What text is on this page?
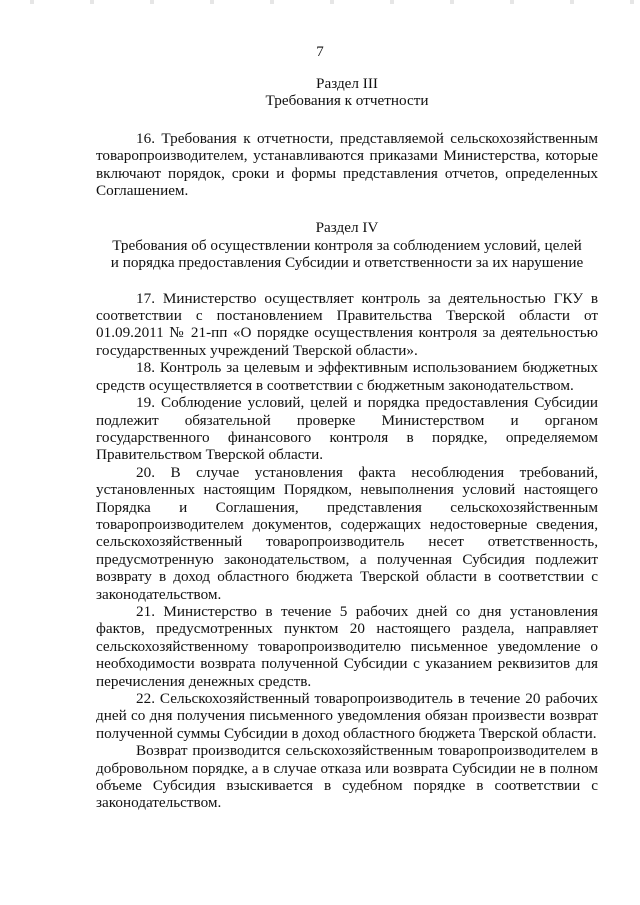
7
Раздел III
Требования к отчетности

16. Требования к отчетности, представляемой сельскохозяйственным товаропроизводителем, устанавливаются приказами Министерства, которые включают порядок, сроки и формы представления отчетов, определенных Соглашением.

Раздел IV
Требования об осуществлении контроля за соблюдением условий, целей
и порядка предоставления Субсидии и ответственности за их нарушение

17. Министерство осуществляет контроль за деятельностью ГКУ в соответствии с постановлением Правительства Тверской области от 01.09.2011 № 21-пп «О порядке осуществления контроля за деятельностью государственных учреждений Тверской области».

18. Контроль за целевым и эффективным использованием бюджетных средств осуществляется в соответствии с бюджетным законодательством.

19. Соблюдение условий, целей и порядка предоставления Субсидии подлежит обязательной проверке Министерством и органом государственного финансового контроля в порядке, определяемом Правительством Тверской области.

20. В случае установления факта несоблюдения требований, установленных настоящим Порядком, невыполнения условий настоящего Порядка и Соглашения, представления сельскохозяйственным товаропроизводителем документов, содержащих недостоверные сведения, сельскохозяйственный товаропроизводитель несет ответственность, предусмотренную законодательством, а полученная Субсидия подлежит возврату в доход областного бюджета Тверской области в соответствии с законодательством.

21. Министерство в течение 5 рабочих дней со дня установления фактов, предусмотренных пунктом 20 настоящего раздела, направляет сельскохозяйственному товаропроизводителю письменное уведомление о необходимости возврата полученной Субсидии с указанием реквизитов для перечисления денежных средств.

22. Сельскохозяйственный товаропроизводитель в течение 20 рабочих дней со дня получения письменного уведомления обязан произвести возврат полученной суммы Субсидии в доход областного бюджета Тверской области.

Возврат производится сельскохозяйственным товаропроизводителем в добровольном порядке, а в случае отказа или возврата Субсидии не в полном объеме Субсидия взыскивается в судебном порядке в соответствии с законодательством.
